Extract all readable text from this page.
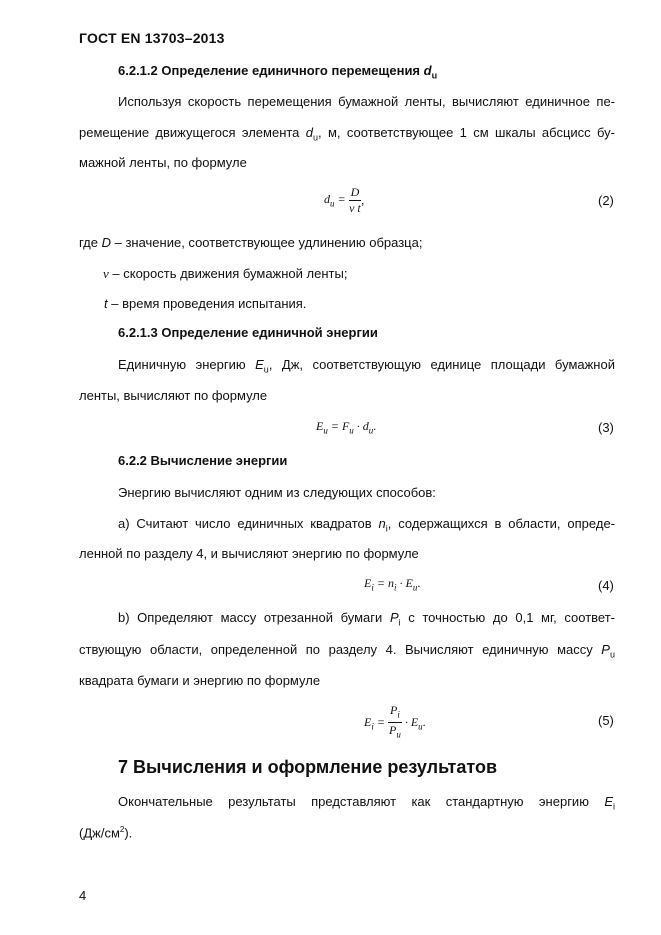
ГОСТ EN 13703–2013
6.2.1.2 Определение единичного перемещения $d_u$
Используя скорость перемещения бумажной ленты, вычисляют единичное пе-
ремещение движущегося элемента $d_u$, м, соответствующее 1 см шкалы абсцисс бу-
мажной ленты, по формуле
$d_u = \frac{D}{\text{v t}}$ ,	(2)
где D – значение, соответствующее удлинению образца;
v – скорость движения бумажной ленты;
t – время проведения испытания.
6.2.1.3 Определение единичной энергии
Единичную энергию $E_u$, Дж, соответствующую единице площади бумажной
ленты, вычисляют по формуле
$E_u = F_u \cdot d_u$.	(3)
6.2.2 Вычисление энергии
Энергию вычисляют одним из следующих способов:
а) Считают число единичных квадратов $n_i$, содержащихся в области, опреде-
ленной по разделу 4, и вычисляют энергию по формуле
$E_i = n_i \cdot E_u$.	(4)
b) Определяют массу отрезанной бумаги $P_i$ с точностью до 0,1 мг, соответ-
ствующую области, определенной по разделу 4. Вычисляют единичную массу $P_u$
квадрата бумаги и энергию по формуле
$E_i = \frac{P_i}{P_u} \cdot E_u$.	(5)
7 Вычисления и оформление результатов
Окончательные результаты представляют как стандартную энергию $E_i$
$(Дж/см^2)$.
4
